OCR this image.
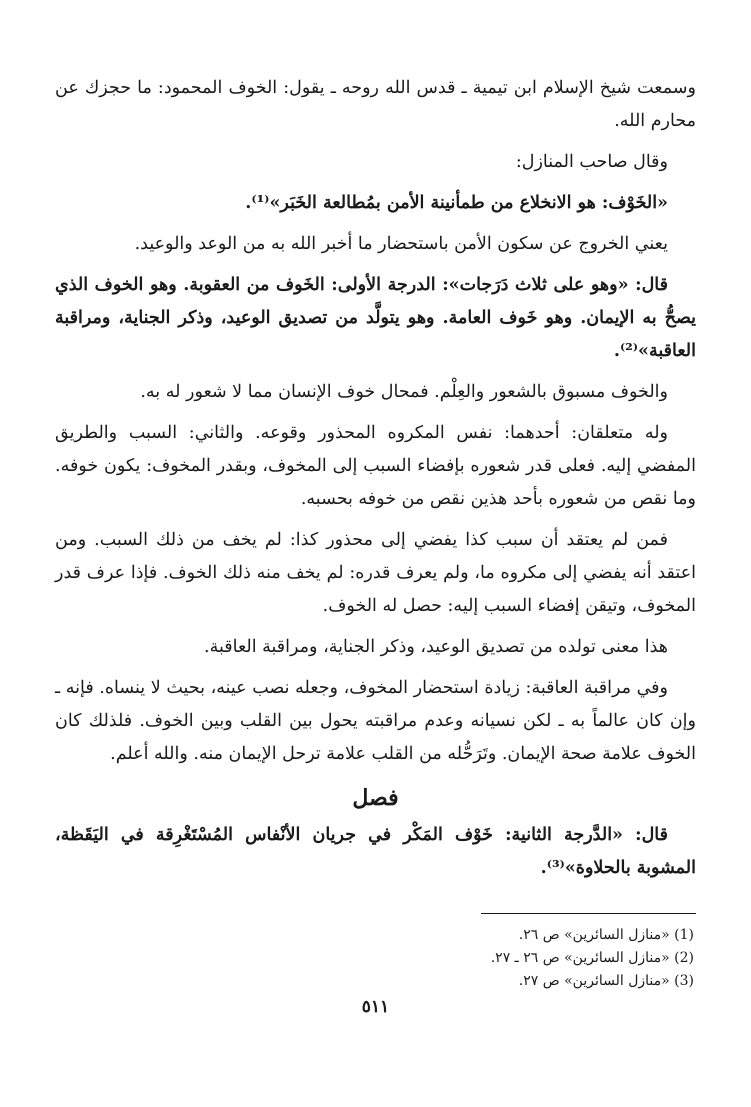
وسمعت شيخ الإسلام ابن تيمية ـ قدس الله روحه ـ يقول: الخوف المحمود: ما حجزك عن محارم الله.

وقال صاحب المنازل:

«الخَوْف: هو الانخلاع من طمأنينة الأمن بمُطالعة الخَبَر»⁽¹⁾.

يعني الخروج عن سكون الأمن باستحضار ما أخبر الله به من الوعد والوعيد.

قال: «وهو على ثلاث دَرَجات»: الدرجة الأولى: الخَوف من العقوبة. وهو الخوف الذي يصحُّ به الإيمان. وهو خَوف العامة. وهو يتولَّد من تصديق الوعيد، وذكر الجناية، ومراقبة العاقبة»⁽²⁾.

والخوف مسبوق بالشعور والعِلْم. فمحال خوف الإنسان مما لا شعور له به.

وله متعلقان: أحدهما: نفس المكروه المحذور وقوعه. والثاني: السبب والطريق المفضي إليه. فعلى قدر شعوره بإفضاء السبب إلى المخوف، وبقدر المخوف: يكون خوفه. وما نقص من شعوره بأحد هذين نقص من خوفه بحسبه.

فمن لم يعتقد أن سبب كذا يفضي إلى محذور كذا: لم يخف من ذلك السبب. ومن اعتقد أنه يفضي إلى مكروه ما، ولم يعرف قدره: لم يخف منه ذلك الخوف. فإذا عرف قدر المخوف، وتيقن إفضاء السبب إليه: حصل له الخوف.

هذا معنى تولده من تصديق الوعيد، وذكر الجناية، ومراقبة العاقبة.

وفي مراقبة العاقبة: زيادة استحضار المخوف، وجعله نصب عينه، بحيث لا ينساه. فإنه ـ وإن كان عالماً به ـ لكن نسيانه وعدم مراقبته يحول بين القلب وبين الخوف. فلذلك كان الخوف علامة صحة الإيمان. وتَرَحُّله من القلب علامة ترحل الإيمان منه. والله أعلم.

فصل

قال: «الدَّرجة الثانية: خَوْف المَكْر في جريان الأنْفاس المُسْتَغْرِقة في اليَقَظة، المشوبة بالحلاوة»⁽³⁾.

(1) «منازل السائرين» ص ٢٦.

(2) «منازل السائرين» ص ٢٦ ـ ٢٧.

(3) «منازل السائرين» ص ٢٧.

٥١١
